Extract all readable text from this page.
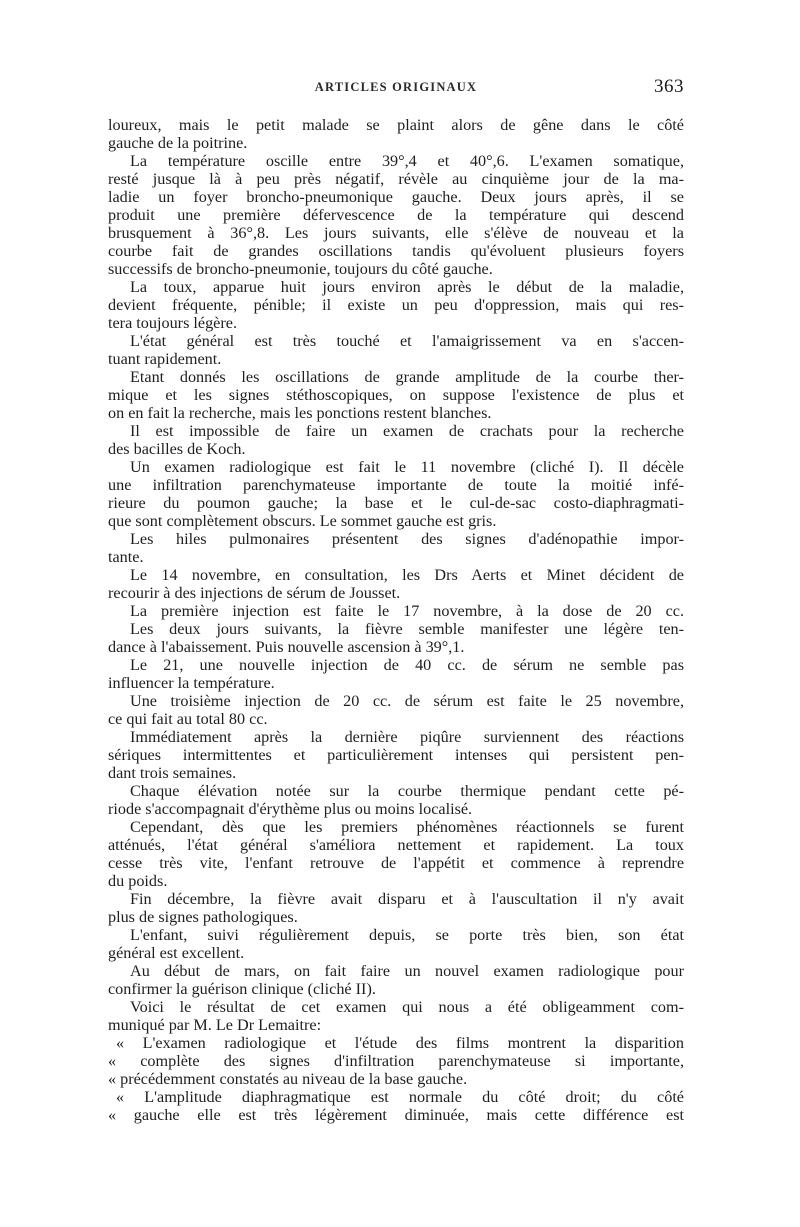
ARTICLES ORIGINAUX	363
loureux, mais le petit malade se plaint alors de gêne dans le côté
gauche de la poitrine.
La température oscille entre 39°,4 et 40°,6. L'examen somatique,
resté jusque là à peu près négatif, révèle au cinquième jour de la ma-
ladie un foyer broncho-pneumonique gauche. Deux jours après, il se
produit une première défervescence de la température qui descend
brusquement à 36°,8. Les jours suivants, elle s'élève de nouveau et la
courbe fait de grandes oscillations tandis qu'évoluent plusieurs foyers
successifs de broncho-pneumonie, toujours du côté gauche.
La toux, apparue huit jours environ après le début de la maladie,
devient fréquente, pénible; il existe un peu d'oppression, mais qui res-
tera toujours légère.
L'état général est très touché et l'amaigrissement va en s'accen-
tuant rapidement.
Etant donnés les oscillations de grande amplitude de la courbe ther-
mique et les signes stéthoscopiques, on suppose l'existence de plus et
on en fait la recherche, mais les ponctions restent blanches.
Il est impossible de faire un examen de crachats pour la recherche
des bacilles de Koch.
Un examen radiologique est fait le 11 novembre (cliché I). Il décèle
une infiltration parenchymateuse importante de toute la moitié infé-
rieure du poumon gauche; la base et le cul-de-sac costo-diaphragmati-
que sont complètement obscurs. Le sommet gauche est gris.
Les hiles pulmonaires présentent des signes d'adénopathie impor-
tante.
Le 14 novembre, en consultation, les Drs Aerts et Minet décident de
recourir à des injections de sérum de Jousset.
La première injection est faite le 17 novembre, à la dose de 20 cc.
Les deux jours suivants, la fièvre semble manifester une légère ten-
dance à l'abaissement. Puis nouvelle ascension à 39°,1.
Le 21, une nouvelle injection de 40 cc. de sérum ne semble pas
influencer la température.
Une troisième injection de 20 cc. de sérum est faite le 25 novembre,
ce qui fait au total 80 cc.
Immédiatement après la dernière piqûre surviennent des réactions
sériques intermittentes et particulièrement intenses qui persistent pen-
dant trois semaines.
Chaque élévation notée sur la courbe thermique pendant cette pé-
riode s'accompagnait d'érythème plus ou moins localisé.
Cependant, dès que les premiers phénomènes réactionnels se furent
atténués, l'état général s'améliora nettement et rapidement. La toux
cesse très vite, l'enfant retrouve de l'appétit et commence à reprendre
du poids.
Fin décembre, la fièvre avait disparu et à l'auscultation il n'y avait
plus de signes pathologiques.
L'enfant, suivi régulièrement depuis, se porte très bien, son état
général est excellent.
Au début de mars, on fait faire un nouvel examen radiologique pour
confirmer la guérison clinique (cliché II).
Voici le résultat de cet examen qui nous a été obligeamment com-
muniqué par M. Le Dr Lemaitre:
« L'examen radiologique et l'étude des films montrent la disparition
« complète des signes d'infiltration parenchymateuse si importante,
« précédemment constatés au niveau de la base gauche.
« L'amplitude diaphragmatique est normale du côté droit; du côté
« gauche elle est très légèrement diminuée, mais cette différence est
